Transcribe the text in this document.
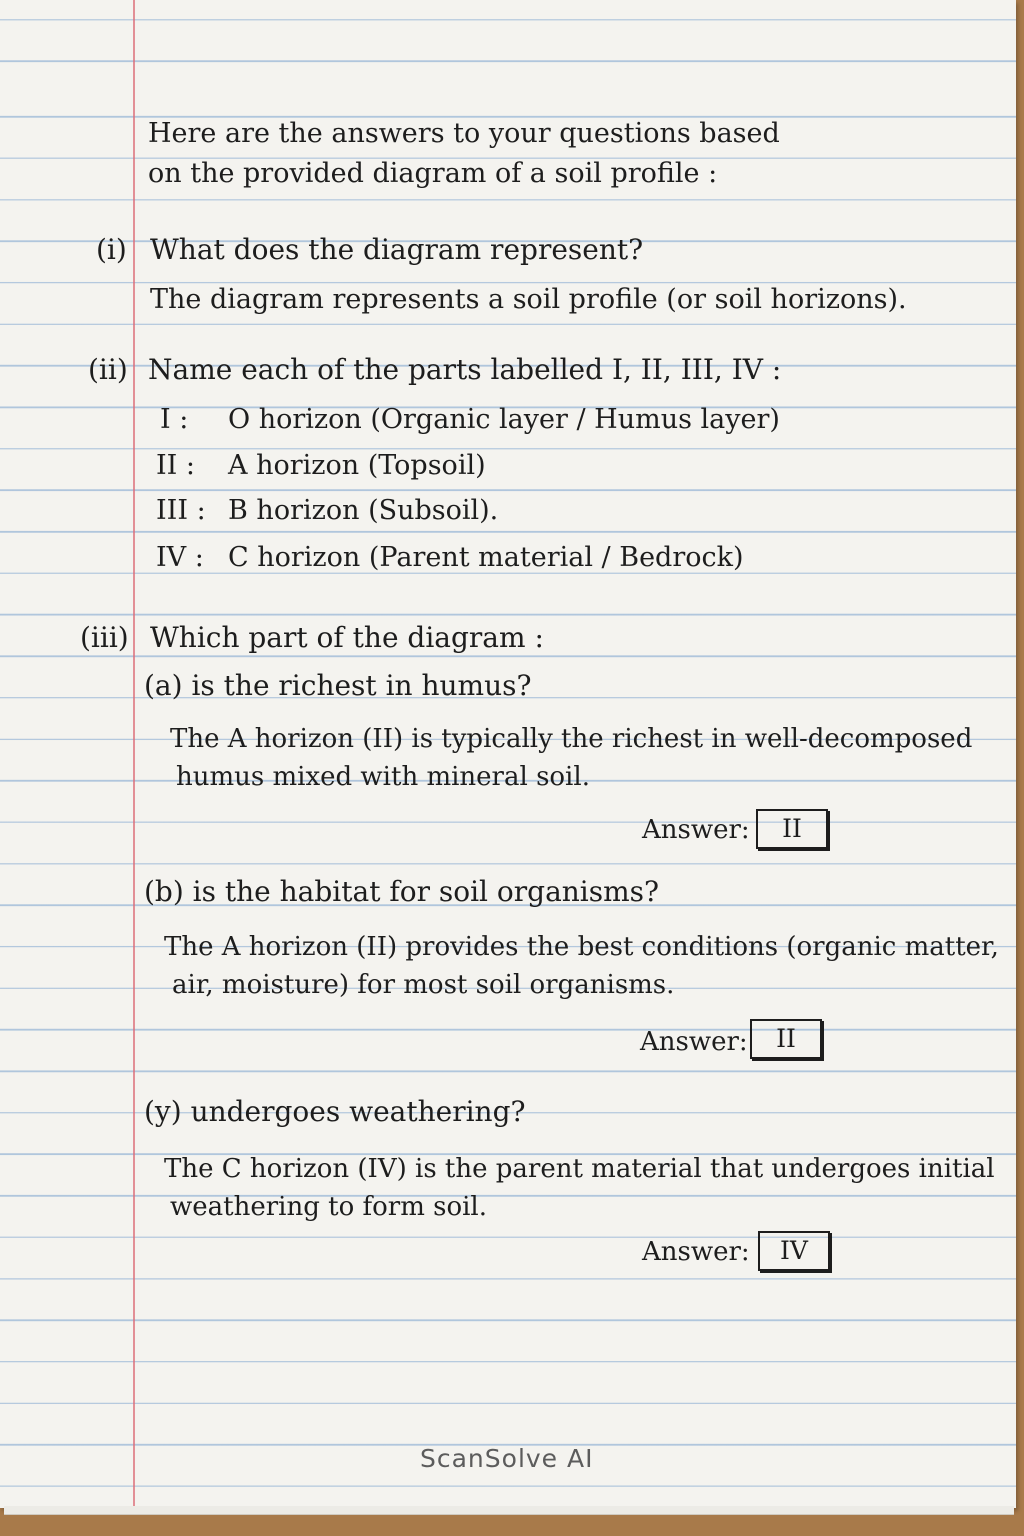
Here are the answers to your questions based
on the provided diagram of a soil profile :
(i) What does the diagram represent?
The diagram represents a soil profile (or soil horizons).
(ii) Name each of the parts labelled I, II, III, IV :
I : O horizon (Organic layer / Humus layer)
II : A horizon (Topsoil)
III : B horizon (Subsoil).
IV : C horizon (Parent material / Bedrock)
(iii) Which part of the diagram :
(a) is the richest in humus?
The A horizon (II) is typically the richest in well-decomposed
humus mixed with mineral soil.
Answer:	II
(b) is the habitat for soil organisms?
The A horizon (II) provides the best conditions (organic matter,
air, moisture) for most soil organisms.
Answer:	II
(y) undergoes weathering?
The C horizon (IV) is the parent material that undergoes initial
weathering to form soil.
Answer:	IV
ScanSolve AI
